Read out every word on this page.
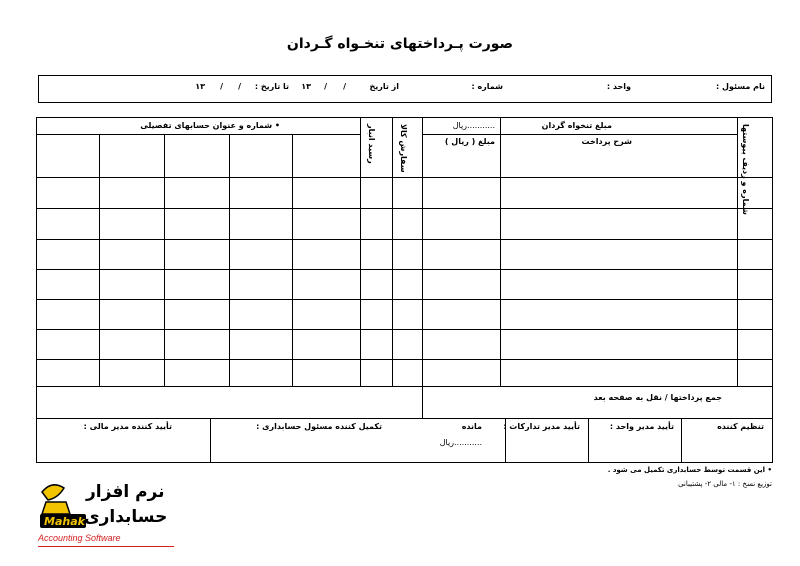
صورت پـرداختهای تنخـواه گـردان
نام مسئول :
واحد :
شماره :
از تاریخ
/
/
۱۳
تا تاریخ :
/
/
۱۳
شماره و ردیف پیوستها
مبلغ تنخواه گردان
...........ریال
شرح پرداخت
مبلغ ( ریال )
سفارش کالا
رسید انبار
• شماره و عنوان حسابهای تفصیلی
جمع پرداختها / نقل به صفحه بعد
تنظیم کننده
تأیید مدیر واحد :
تأیید مدیر تدارکات :
مانده
...........ریال
تکمیل کننده مسئول حسابداری :
تأیید کننده مدیر مالی :
• این قسمت توسط حسابداری تکمیل می شود .
توزیع نسخ : ۱- مالی ۲- پشتیبانی
Mahak
نرم افزار
حسابداری
Accounting Software
